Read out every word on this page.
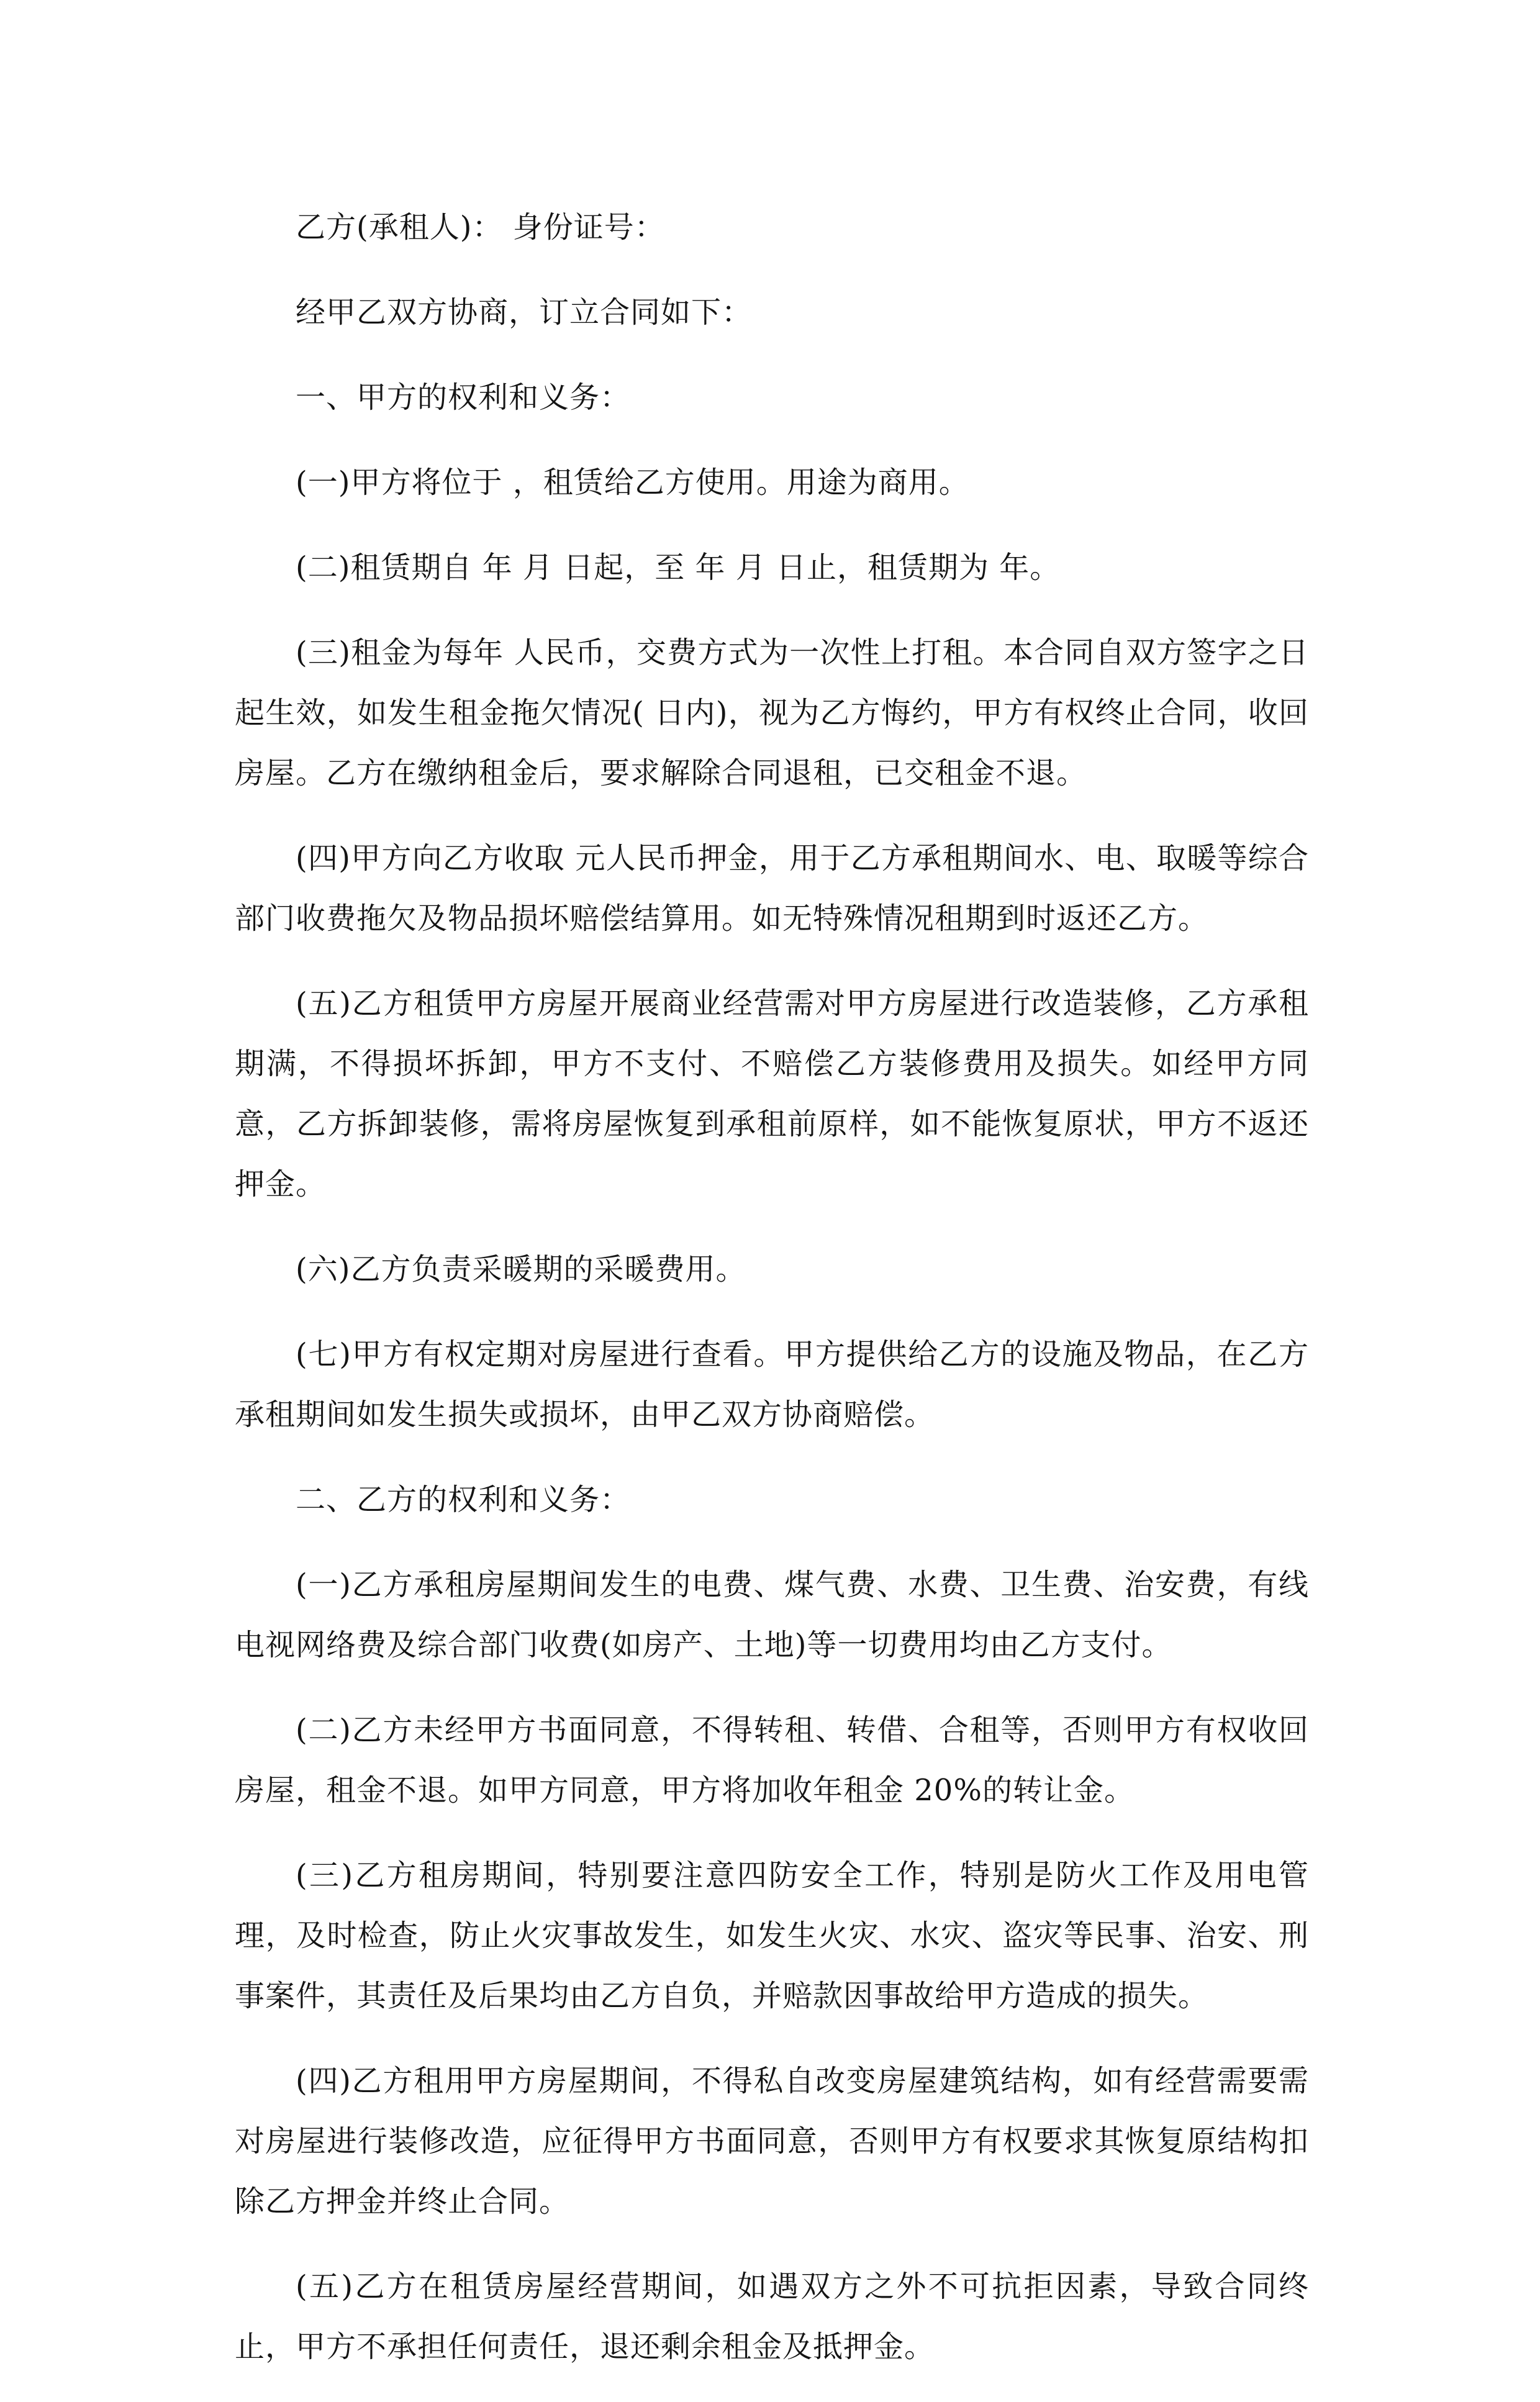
乙方(承租人)： 身份证号：

经甲乙双方协商，订立合同如下：

一、甲方的权利和义务：

(一)甲方将位于 ，租赁给乙方使用。用途为商用。

(二)租赁期自 年 月 日起，至 年 月 日止，租赁期为 年。

(三)租金为每年 人民币，交费方式为一次性上打租。本合同自双方签字之日起生效，如发生租金拖欠情况( 日内)，视为乙方悔约，甲方有权终止合同，收回房屋。乙方在缴纳租金后，要求解除合同退租，已交租金不退。

(四)甲方向乙方收取 元人民币押金，用于乙方承租期间水、电、取暖等综合部门收费拖欠及物品损坏赔偿结算用。如无特殊情况租期到时返还乙方。

(五)乙方租赁甲方房屋开展商业经营需对甲方房屋进行改造装修，乙方承租期满，不得损坏拆卸，甲方不支付、不赔偿乙方装修费用及损失。如经甲方同意，乙方拆卸装修，需将房屋恢复到承租前原样，如不能恢复原状，甲方不返还押金。

(六)乙方负责采暖期的采暖费用。

(七)甲方有权定期对房屋进行查看。甲方提供给乙方的设施及物品，在乙方承租期间如发生损失或损坏，由甲乙双方协商赔偿。

二、乙方的权利和义务：

(一)乙方承租房屋期间发生的电费、煤气费、水费、卫生费、治安费，有线电视网络费及综合部门收费(如房产、土地)等一切费用均由乙方支付。

(二)乙方未经甲方书面同意，不得转租、转借、合租等，否则甲方有权收回房屋，租金不退。如甲方同意，甲方将加收年租金 20%的转让金。

(三)乙方租房期间，特别要注意四防安全工作，特别是防火工作及用电管理，及时检查，防止火灾事故发生，如发生火灾、水灾、盗灾等民事、治安、刑事案件，其责任及后果均由乙方自负，并赔款因事故给甲方造成的损失。

(四)乙方租用甲方房屋期间，不得私自改变房屋建筑结构，如有经营需要需对房屋进行装修改造，应征得甲方书面同意，否则甲方有权要求其恢复原结构扣除乙方押金并终止合同。

(五)乙方在租赁房屋经营期间，如遇双方之外不可抗拒因素，导致合同终止，甲方不承担任何责任，退还剩余租金及抵押金。
